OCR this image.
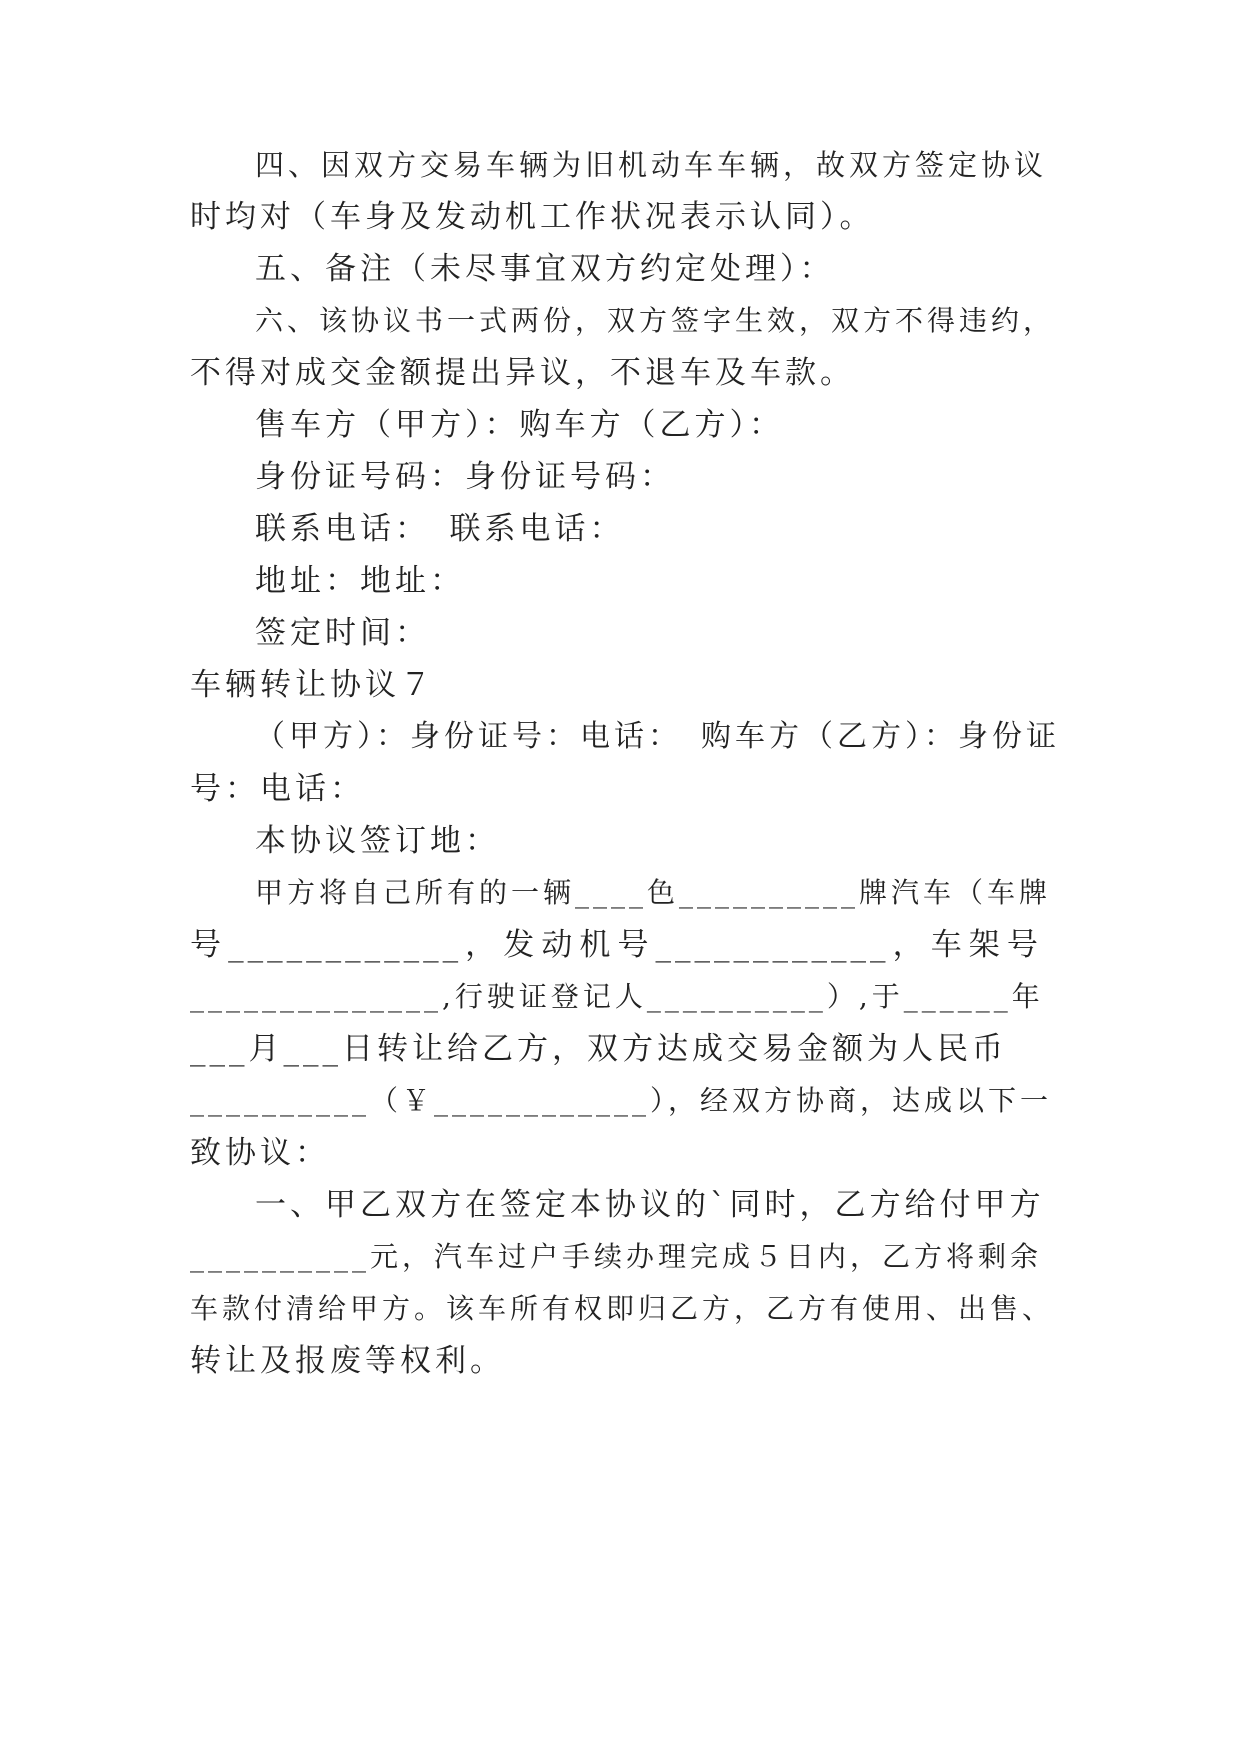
四、因双方交易车辆为旧机动车车辆，故双方签定协议
时均对（车身及发动机工作状况表示认同）。
五、备注（未尽事宜双方约定处理）：
六、该协议书一式两份，双方签字生效，双方不得违约，
不得对成交金额提出异议，不退车及车款。
售车方（甲方）：购车方（乙方）：
身份证号码：身份证号码：
联系电话：　联系电话：
地址：地址：
签定时间：
车辆转让协议７
（甲方）：身份证号：电话：　购车方（乙方）：身份证
号：电话：
本协议签订地：
甲方将自己所有的一辆____色__________牌汽车（车牌
号 ____________ ， 发 动 机 号 ____________ ， 车 架 号
______________,行驶证登记人__________）,于______年
___月___日转让给乙方，双方达成交易金额为人民币
__________（￥____________），经双方协商，达成以下一
致协议：
一、甲乙双方在签定本协议的`同时，乙方给付甲方
__________元，汽车过户手续办理完成５日内，乙方将剩余
车款付清给甲方。该车所有权即归乙方，乙方有使用、出售、
转让及报废等权利。
